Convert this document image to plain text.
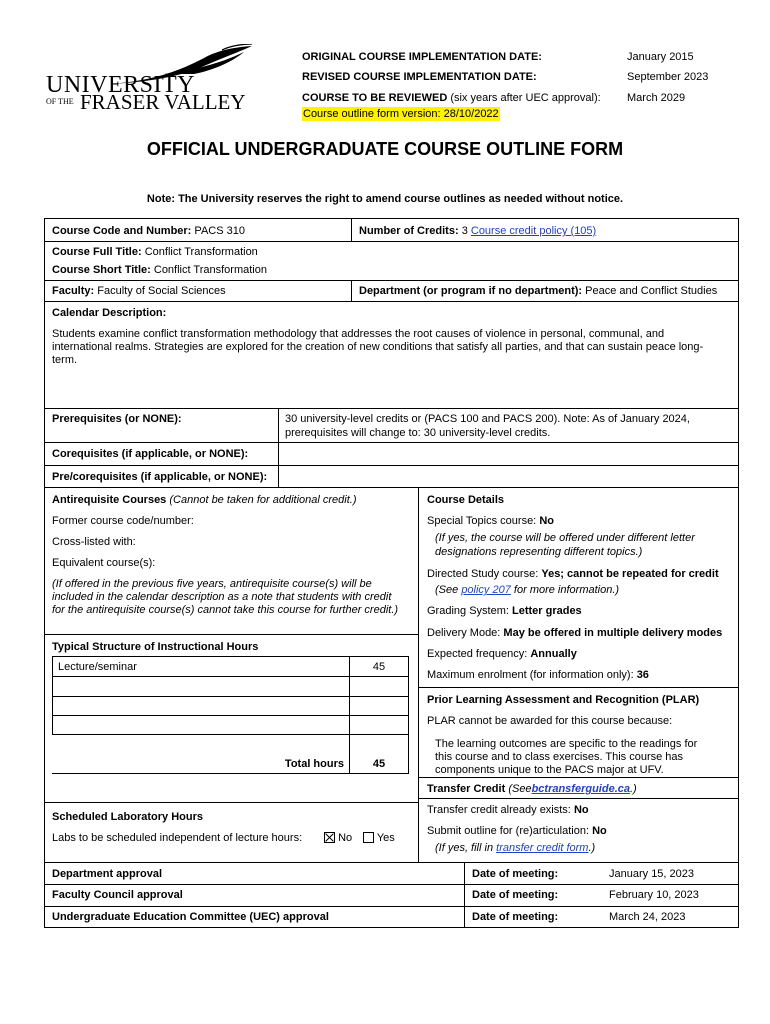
UNIVERSITY
OF THE FRASER VALLEY
ORIGINAL COURSE IMPLEMENTATION DATE:	January 2015
REVISED COURSE IMPLEMENTATION DATE:	September 2023
COURSE TO BE REVIEWED (six years after UEC approval): March 2029
Course outline form version: 28/10/2022
OFFICIAL UNDERGRADUATE COURSE OUTLINE FORM
Note: The University reserves the right to amend course outlines as needed without notice.
Course Code and Number: PACS 310	Number of Credits: 3 Course credit policy (105)
Course Full Title: Conflict Transformation
Course Short Title: Conflict Transformation
Faculty: Faculty of Social Sciences	Department (or program if no department): Peace and Conflict Studies
Calendar Description:
Students examine conflict transformation methodology that addresses the root causes of violence in personal, communal, and
international realms. Strategies are explored for the creation of new conditions that satisfy all parties, and that can sustain peace long-
term.
Prerequisites (or NONE):	30 university-level credits or (PACS 100 and PACS 200). Note: As of January 2024,
prerequisites will change to: 30 university-level credits.
Corequisites (if applicable, or NONE):
Pre/corequisites (if applicable, or NONE):
Antirequisite Courses (Cannot be taken for additional credit.)
Former course code/number:
Cross-listed with:
Equivalent course(s):
(If offered in the previous five years, antirequisite course(s) will be
included in the calendar description as a note that students with credit
for the antirequisite course(s) cannot take this course for further credit.)
Typical Structure of Instructional Hours
Lecture/seminar	45
Total hours	45
Scheduled Laboratory Hours
Labs to be scheduled independent of lecture hours:	No	Yes
Course Details
Special Topics course: No
(If yes, the course will be offered under different letter
designations representing different topics.)
Directed Study course: Yes; cannot be repeated for credit
(See policy 207 for more information.)
Grading System: Letter grades
Delivery Mode: May be offered in multiple delivery modes
Expected frequency: Annually
Maximum enrolment (for information only): 36
Prior Learning Assessment and Recognition (PLAR)
PLAR cannot be awarded for this course because:
The learning outcomes are specific to the readings for
this course and to class exercises. This course has
components unique to the PACS major at UFV.
Transfer Credit (Seebctransferguide.ca.)
Transfer credit already exists: No
Submit outline for (re)articulation: No
(If yes, fill in transfer credit form.)
Department approval	Date of meeting:	January 15, 2023
Faculty Council approval	Date of meeting:	February 10, 2023
Undergraduate Education Committee (UEC) approval	Date of meeting:	March 24, 2023
